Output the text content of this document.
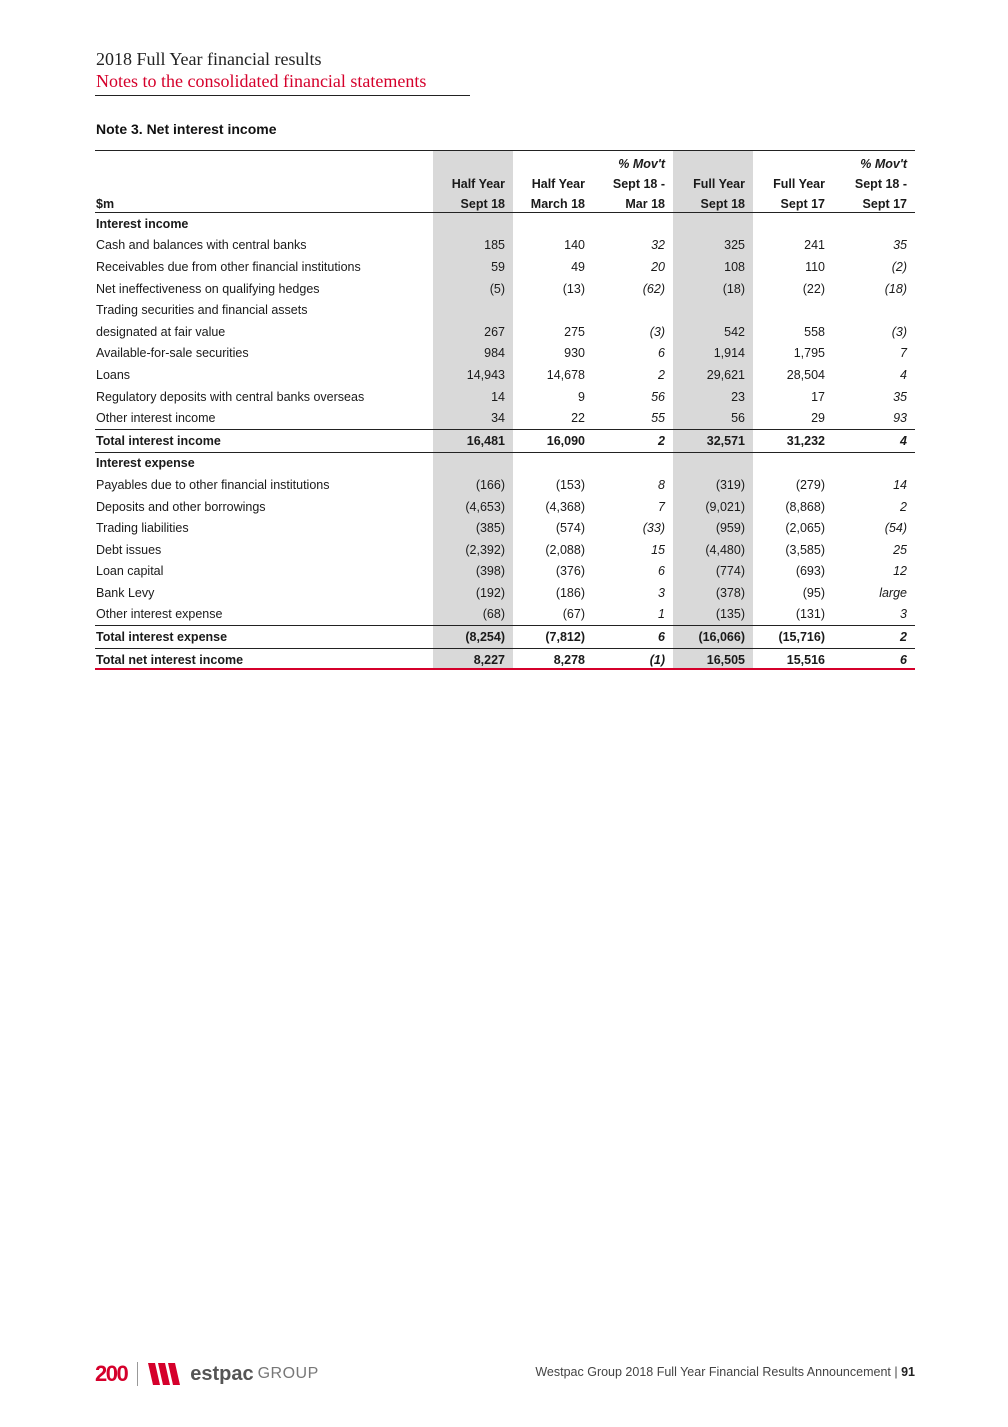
2018 Full Year financial results
Notes to the consolidated financial statements
Note 3. Net interest income

			% Mov't			% Mov't
	Half Year	Half Year	Sept 18 -	Full Year	Full Year	Sept 18 -
$m	Sept 18	March 18	Mar 18	Sept 18	Sept 17	Sept 17
Interest income						
Cash and balances with central banks	185	140	32	325	241	35
Receivables due from other financial institutions	59	49	20	108	110	(2)
Net ineffectiveness on qualifying hedges	(5)	(13)	(62)	(18)	(22)	(18)
Trading securities and financial assets						
designated at fair value	267	275	(3)	542	558	(3)
Available-for-sale securities	984	930	6	1,914	1,795	7
Loans	14,943	14,678	2	29,621	28,504	4
Regulatory deposits with central banks overseas	14	9	56	23	17	35
Other interest income	34	22	55	56	29	93
Total interest income	16,481	16,090	2	32,571	31,232	4
Interest expense						
Payables due to other financial institutions	(166)	(153)	8	(319)	(279)	14
Deposits and other borrowings	(4,653)	(4,368)	7	(9,021)	(8,868)	2
Trading liabilities	(385)	(574)	(33)	(959)	(2,065)	(54)
Debt issues	(2,392)	(2,088)	15	(4,480)	(3,585)	25
Loan capital	(398)	(376)	6	(774)	(693)	12
Bank Levy	(192)	(186)	3	(378)	(95)	large
Other interest expense	(68)	(67)	1	(135)	(131)	3
Total interest expense	(8,254)	(7,812)	6	(16,066)	(15,716)	2
Total net interest income	8,227	8,278	(1)	16,505	15,516	6
200	estpac GROUP	Westpac Group 2018 Full Year Financial Results Announcement | 91
